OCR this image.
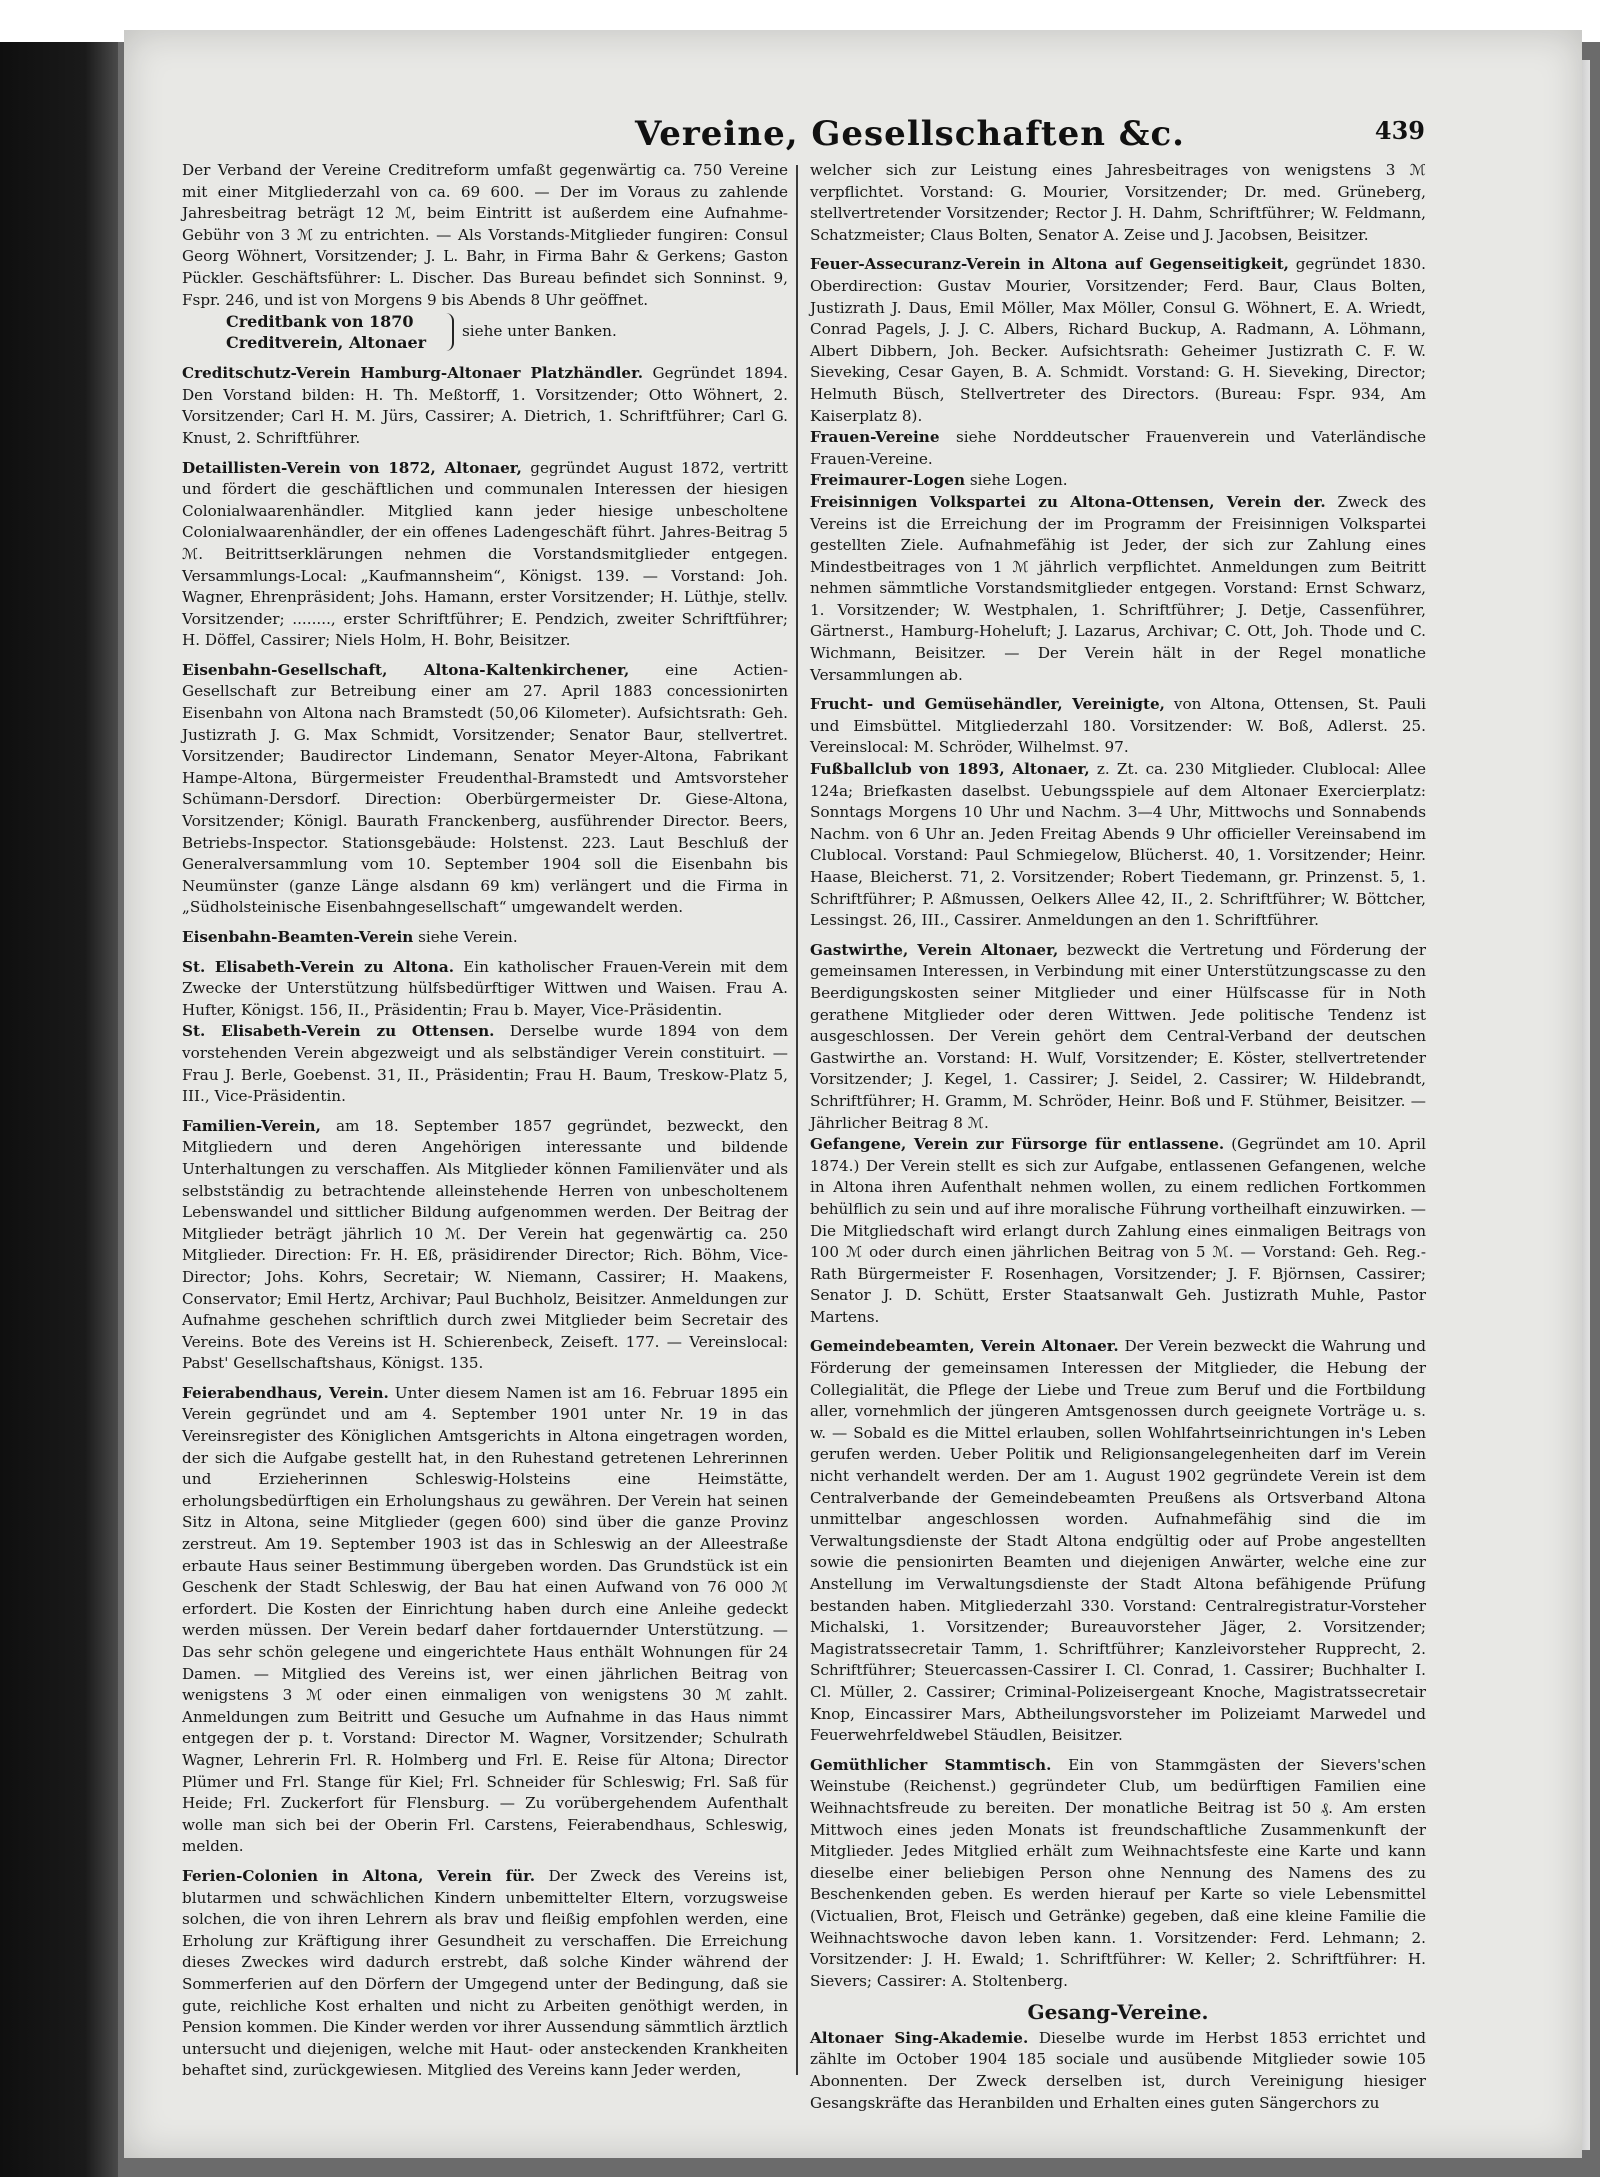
Vereine, Gesellschaften &c.	439

Der Verband der Vereine Creditreform umfaßt gegenwärtig ca. 750 Vereine mit einer Mitgliederzahl von ca. 69 600. — Der im Voraus zu zahlende Jahresbeitrag beträgt 12 ℳ, beim Eintritt ist außerdem eine Aufnahme-Gebühr von 3 ℳ zu entrichten. — Als Vorstands-Mitglieder fungiren: Consul Georg Wöhnert, Vorsitzender; J. L. Bahr, in Firma Bahr & Gerkens; Gaston Pückler. Geschäftsführer: L. Discher. Das Bureau befindet sich Sonninst. 9, Fspr. 246, und ist von Morgens 9 bis Abends 8 Uhr geöffnet.

Creditbank von 1870
Creditverein, Altonaer
siehe unter Banken.

Creditschutz-Verein Hamburg-Altonaer Platzhändler. Gegründet 1894. Den Vorstand bilden: H. Th. Meßtorff, 1. Vorsitzender; Otto Wöhnert, 2. Vorsitzender; Carl H. M. Jürs, Cassirer; A. Dietrich, 1. Schriftführer; Carl G. Knust, 2. Schriftführer.

Detaillisten-Verein von 1872, Altonaer, gegründet August 1872, vertritt und fördert die geschäftlichen und communalen Interessen der hiesigen Colonialwaarenhändler. Mitglied kann jeder hiesige unbescholtene Colonialwaarenhändler, der ein offenes Ladengeschäft führt. Jahres-Beitrag 5 ℳ. Beitrittserklärungen nehmen die Vorstandsmitglieder entgegen. Versammlungs-Local: „Kaufmannsheim“, Königst. 139. — Vorstand: Joh. Wagner, Ehrenpräsident; Johs. Hamann, erster Vorsitzender; H. Lüthje, stellv. Vorsitzender; ........, erster Schriftführer; E. Pendzich, zweiter Schriftführer; H. Döffel, Cassirer; Niels Holm, H. Bohr, Beisitzer.

Eisenbahn-Gesellschaft, Altona-Kaltenkirchener, eine Actien-Gesellschaft zur Betreibung einer am 27. April 1883 concessionirten Eisenbahn von Altona nach Bramstedt (50,06 Kilometer). Aufsichtsrath: Geh. Justizrath J. G. Max Schmidt, Vorsitzender; Senator Baur, stellvertret. Vorsitzender; Baudirector Lindemann, Senator Meyer-Altona, Fabrikant Hampe-Altona, Bürgermeister Freudenthal-Bramstedt und Amtsvorsteher Schümann-Dersdorf. Direction: Oberbürgermeister Dr. Giese-Altona, Vorsitzender; Königl. Baurath Franckenberg, ausführender Director. Beers, Betriebs-Inspector. Stationsgebäude: Holstenst. 223. Laut Beschluß der Generalversammlung vom 10. September 1904 soll die Eisenbahn bis Neumünster (ganze Länge alsdann 69 km) verlängert und die Firma in „Südholsteinische Eisenbahngesellschaft“ umgewandelt werden.

Eisenbahn-Beamten-Verein siehe Verein.

St. Elisabeth-Verein zu Altona. Ein katholischer Frauen-Verein mit dem Zwecke der Unterstützung hülfsbedürftiger Wittwen und Waisen. Frau A. Hufter, Königst. 156, II., Präsidentin; Frau b. Mayer, Vice-Präsidentin.

St. Elisabeth-Verein zu Ottensen. Derselbe wurde 1894 von dem vorstehenden Verein abgezweigt und als selbständiger Verein constituirt. — Frau J. Berle, Goebenst. 31, II., Präsidentin; Frau H. Baum, Treskow-Platz 5, III., Vice-Präsidentin.

Familien-Verein, am 18. September 1857 gegründet, bezweckt, den Mitgliedern und deren Angehörigen interessante und bildende Unterhaltungen zu verschaffen. Als Mitglieder können Familienväter und als selbstständig zu betrachtende alleinstehende Herren von unbescholtenem Lebenswandel und sittlicher Bildung aufgenommen werden. Der Beitrag der Mitglieder beträgt jährlich 10 ℳ. Der Verein hat gegenwärtig ca. 250 Mitglieder. Direction: Fr. H. Eß, präsidirender Director; Rich. Böhm, Vice-Director; Johs. Kohrs, Secretair; W. Niemann, Cassirer; H. Maakens, Conservator; Emil Hertz, Archivar; Paul Buchholz, Beisitzer. Anmeldungen zur Aufnahme geschehen schriftlich durch zwei Mitglieder beim Secretair des Vereins. Bote des Vereins ist H. Schierenbeck, Zeiseft. 177. — Vereinslocal: Pabst' Gesellschaftshaus, Königst. 135.

Feierabendhaus, Verein. Unter diesem Namen ist am 16. Februar 1895 ein Verein gegründet und am 4. September 1901 unter Nr. 19 in das Vereinsregister des Königlichen Amtsgerichts in Altona eingetragen worden, der sich die Aufgabe gestellt hat, in den Ruhestand getretenen Lehrerinnen und Erzieherinnen Schleswig-Holsteins eine Heimstätte, erholungsbedürftigen ein Erholungshaus zu gewähren. Der Verein hat seinen Sitz in Altona, seine Mitglieder (gegen 600) sind über die ganze Provinz zerstreut. Am 19. September 1903 ist das in Schleswig an der Alleestraße erbaute Haus seiner Bestimmung übergeben worden. Das Grundstück ist ein Geschenk der Stadt Schleswig, der Bau hat einen Aufwand von 76 000 ℳ erfordert. Die Kosten der Einrichtung haben durch eine Anleihe gedeckt werden müssen. Der Verein bedarf daher fortdauernder Unterstützung. — Das sehr schön gelegene und eingerichtete Haus enthält Wohnungen für 24 Damen. — Mitglied des Vereins ist, wer einen jährlichen Beitrag von wenigstens 3 ℳ oder einen einmaligen von wenigstens 30 ℳ zahlt. Anmeldungen zum Beitritt und Gesuche um Aufnahme in das Haus nimmt entgegen der p. t. Vorstand: Director M. Wagner, Vorsitzender; Schulrath Wagner, Lehrerin Frl. R. Holmberg und Frl. E. Reise für Altona; Director Plümer und Frl. Stange für Kiel; Frl. Schneider für Schleswig; Frl. Saß für Heide; Frl. Zuckerfort für Flensburg. — Zu vorübergehendem Aufenthalt wolle man sich bei der Oberin Frl. Carstens, Feierabendhaus, Schleswig, melden.

Ferien-Colonien in Altona, Verein für. Der Zweck des Vereins ist, blutarmen und schwächlichen Kindern unbemittelter Eltern, vorzugsweise solchen, die von ihren Lehrern als brav und fleißig empfohlen werden, eine Erholung zur Kräftigung ihrer Gesundheit zu verschaffen. Die Erreichung dieses Zweckes wird dadurch erstrebt, daß solche Kinder während der Sommerferien auf den Dörfern der Umgegend unter der Bedingung, daß sie gute, reichliche Kost erhalten und nicht zu Arbeiten genöthigt werden, in Pension kommen. Die Kinder werden vor ihrer Aussendung sämmtlich ärztlich untersucht und diejenigen, welche mit Haut- oder ansteckenden Krankheiten behaftet sind, zurückgewiesen. Mitglied des Vereins kann Jeder werden,

welcher sich zur Leistung eines Jahresbeitrages von wenigstens 3 ℳ verpflichtet. Vorstand: G. Mourier, Vorsitzender; Dr. med. Grüneberg, stellvertretender Vorsitzender; Rector J. H. Dahm, Schriftführer; W. Feldmann, Schatzmeister; Claus Bolten, Senator A. Zeise und J. Jacobsen, Beisitzer.

Feuer-Assecuranz-Verein in Altona auf Gegenseitigkeit, gegründet 1830. Oberdirection: Gustav Mourier, Vorsitzender; Ferd. Baur, Claus Bolten, Justizrath J. Daus, Emil Möller, Max Möller, Consul G. Wöhnert, E. A. Wriedt, Conrad Pagels, J. J. C. Albers, Richard Buckup, A. Radmann, A. Löhmann, Albert Dibbern, Joh. Becker. Aufsichtsrath: Geheimer Justizrath C. F. W. Sieveking, Cesar Gayen, B. A. Schmidt. Vorstand: G. H. Sieveking, Director; Helmuth Büsch, Stellvertreter des Directors. (Bureau: Fspr. 934, Am Kaiserplatz 8).

Frauen-Vereine siehe Norddeutscher Frauenverein und Vaterländische Frauen-Vereine.

Freimaurer-Logen siehe Logen.

Freisinnigen Volkspartei zu Altona-Ottensen, Verein der. Zweck des Vereins ist die Erreichung der im Programm der Freisinnigen Volkspartei gestellten Ziele. Aufnahmefähig ist Jeder, der sich zur Zahlung eines Mindestbeitrages von 1 ℳ jährlich verpflichtet. Anmeldungen zum Beitritt nehmen sämmtliche Vorstandsmitglieder entgegen. Vorstand: Ernst Schwarz, 1. Vorsitzender; W. Westphalen, 1. Schriftführer; J. Detje, Cassenführer, Gärtnerst., Hamburg-Hoheluft; J. Lazarus, Archivar; C. Ott, Joh. Thode und C. Wichmann, Beisitzer. — Der Verein hält in der Regel monatliche Versammlungen ab.

Frucht- und Gemüsehändler, Vereinigte, von Altona, Ottensen, St. Pauli und Eimsbüttel. Mitgliederzahl 180. Vorsitzender: W. Boß, Adlerst. 25. Vereinslocal: M. Schröder, Wilhelmst. 97.

Fußballclub von 1893, Altonaer, z. Zt. ca. 230 Mitglieder. Clublocal: Allee 124a; Briefkasten daselbst. Uebungsspiele auf dem Altonaer Exercierplatz: Sonntags Morgens 10 Uhr und Nachm. 3—4 Uhr, Mittwochs und Sonnabends Nachm. von 6 Uhr an. Jeden Freitag Abends 9 Uhr officieller Vereinsabend im Clublocal. Vorstand: Paul Schmiegelow, Blücherst. 40, 1. Vorsitzender; Heinr. Haase, Bleicherst. 71, 2. Vorsitzender; Robert Tiedemann, gr. Prinzenst. 5, 1. Schriftführer; P. Aßmussen, Oelkers Allee 42, II., 2. Schriftführer; W. Böttcher, Lessingst. 26, III., Cassirer. Anmeldungen an den 1. Schriftführer.

Gastwirthe, Verein Altonaer, bezweckt die Vertretung und Förderung der gemeinsamen Interessen, in Verbindung mit einer Unterstützungscasse zu den Beerdigungskosten seiner Mitglieder und einer Hülfscasse für in Noth gerathene Mitglieder oder deren Wittwen. Jede politische Tendenz ist ausgeschlossen. Der Verein gehört dem Central-Verband der deutschen Gastwirthe an. Vorstand: H. Wulf, Vorsitzender; E. Köster, stellvertretender Vorsitzender; J. Kegel, 1. Cassirer; J. Seidel, 2. Cassirer; W. Hildebrandt, Schriftführer; H. Gramm, M. Schröder, Heinr. Boß und F. Stühmer, Beisitzer. — Jährlicher Beitrag 8 ℳ.

Gefangene, Verein zur Fürsorge für entlassene. (Gegründet am 10. April 1874.) Der Verein stellt es sich zur Aufgabe, entlassenen Gefangenen, welche in Altona ihren Aufenthalt nehmen wollen, zu einem redlichen Fortkommen behülflich zu sein und auf ihre moralische Führung vortheilhaft einzuwirken. — Die Mitgliedschaft wird erlangt durch Zahlung eines einmaligen Beitrags von 100 ℳ oder durch einen jährlichen Beitrag von 5 ℳ. — Vorstand: Geh. Reg.-Rath Bürgermeister F. Rosenhagen, Vorsitzender; J. F. Björnsen, Cassirer; Senator J. D. Schütt, Erster Staatsanwalt Geh. Justizrath Muhle, Pastor Martens.

Gemeindebeamten, Verein Altonaer. Der Verein bezweckt die Wahrung und Förderung der gemeinsamen Interessen der Mitglieder, die Hebung der Collegialität, die Pflege der Liebe und Treue zum Beruf und die Fortbildung aller, vornehmlich der jüngeren Amtsgenossen durch geeignete Vorträge u. s. w. — Sobald es die Mittel erlauben, sollen Wohlfahrtseinrichtungen in's Leben gerufen werden. Ueber Politik und Religionsangelegenheiten darf im Verein nicht verhandelt werden. Der am 1. August 1902 gegründete Verein ist dem Centralverbande der Gemeindebeamten Preußens als Ortsverband Altona unmittelbar angeschlossen worden. Aufnahmefähig sind die im Verwaltungsdienste der Stadt Altona endgültig oder auf Probe angestellten sowie die pensionirten Beamten und diejenigen Anwärter, welche eine zur Anstellung im Verwaltungsdienste der Stadt Altona befähigende Prüfung bestanden haben. Mitgliederzahl 330. Vorstand: Centralregistratur-Vorsteher Michalski, 1. Vorsitzender; Bureauvorsteher Jäger, 2. Vorsitzender; Magistratssecretair Tamm, 1. Schriftführer; Kanzleivorsteher Rupprecht, 2. Schriftführer; Steuercassen-Cassirer I. Cl. Conrad, 1. Cassirer; Buchhalter I. Cl. Müller, 2. Cassirer; Criminal-Polizeisergeant Knoche, Magistratssecretair Knop, Eincassirer Mars, Abtheilungsvorsteher im Polizeiamt Marwedel und Feuerwehrfeldwebel Stäudlen, Beisitzer.

Gemüthlicher Stammtisch. Ein von Stammgästen der Sievers'schen Weinstube (Reichenst.) gegründeter Club, um bedürftigen Familien eine Weihnachtsfreude zu bereiten. Der monatliche Beitrag ist 50 ₰. Am ersten Mittwoch eines jeden Monats ist freundschaftliche Zusammenkunft der Mitglieder. Jedes Mitglied erhält zum Weihnachtsfeste eine Karte und kann dieselbe einer beliebigen Person ohne Nennung des Namens des zu Beschenkenden geben. Es werden hierauf per Karte so viele Lebensmittel (Victualien, Brot, Fleisch und Getränke) gegeben, daß eine kleine Familie die Weihnachtswoche davon leben kann. 1. Vorsitzender: Ferd. Lehmann; 2. Vorsitzender: J. H. Ewald; 1. Schriftführer: W. Keller; 2. Schriftführer: H. Sievers; Cassirer: A. Stoltenberg.

Gesang-Vereine.

Altonaer Sing-Akademie. Dieselbe wurde im Herbst 1853 errichtet und zählte im October 1904 185 sociale und ausübende Mitglieder sowie 105 Abonnenten. Der Zweck derselben ist, durch Vereinigung hiesiger Gesangskräfte das Heranbilden und Erhalten eines guten Sängerchors zu
